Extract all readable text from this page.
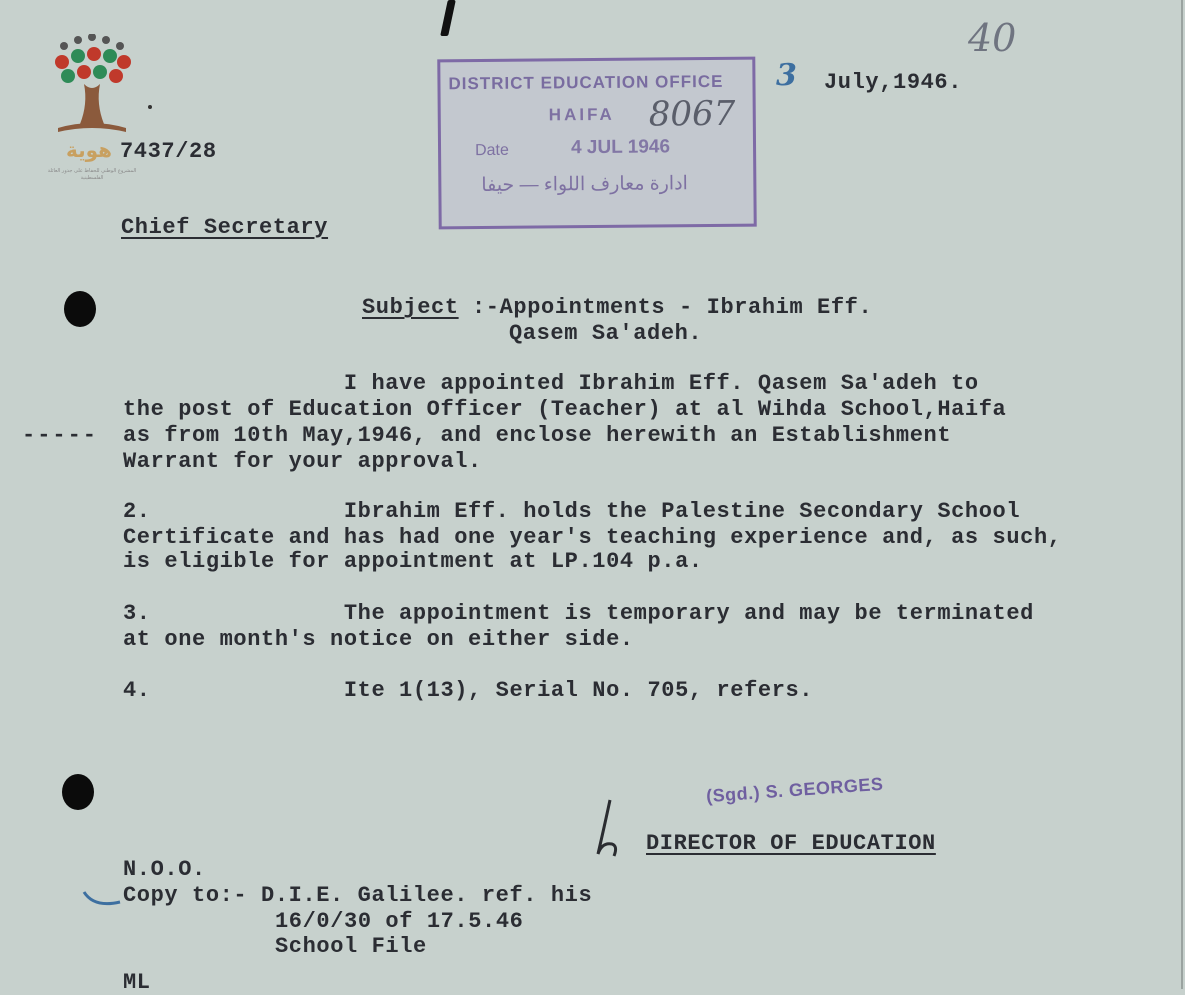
40
هوية
المشروع الوطني للحفاظ على جذور العائلة الفلسطينية
7437/28
DISTRICT EDUCATION OFFICE
HAIFA 8067
Date	4 JUL 1946
ادارة معارف اللواء — حيفا
3 July,1946.
Chief Secretary
Subject :-Appointments - Ibrahim Eff.
Qasem Sa'adeh.
I have appointed Ibrahim Eff. Qasem Sa'adeh to
the post of Education Officer (Teacher) at al Wihda School,Haifa
as from 10th May,1946, and enclose herewith an Establishment
Warrant for your approval.
-----
2.              Ibrahim Eff. holds the Palestine Secondary School
Certificate and has had one year's teaching experience and, as such,
is eligible for appointment at LP.104 p.a.
3.              The appointment is temporary and may be terminated
at one month's notice on either side.
4.              Ite 1(13), Serial No. 705, refers.
(Sgd.) S. GEORGES
DIRECTOR OF EDUCATION
N.O.O.
Copy to:- D.I.E. Galilee. ref. his
16/0/30 of 17.5.46
School File
ML
